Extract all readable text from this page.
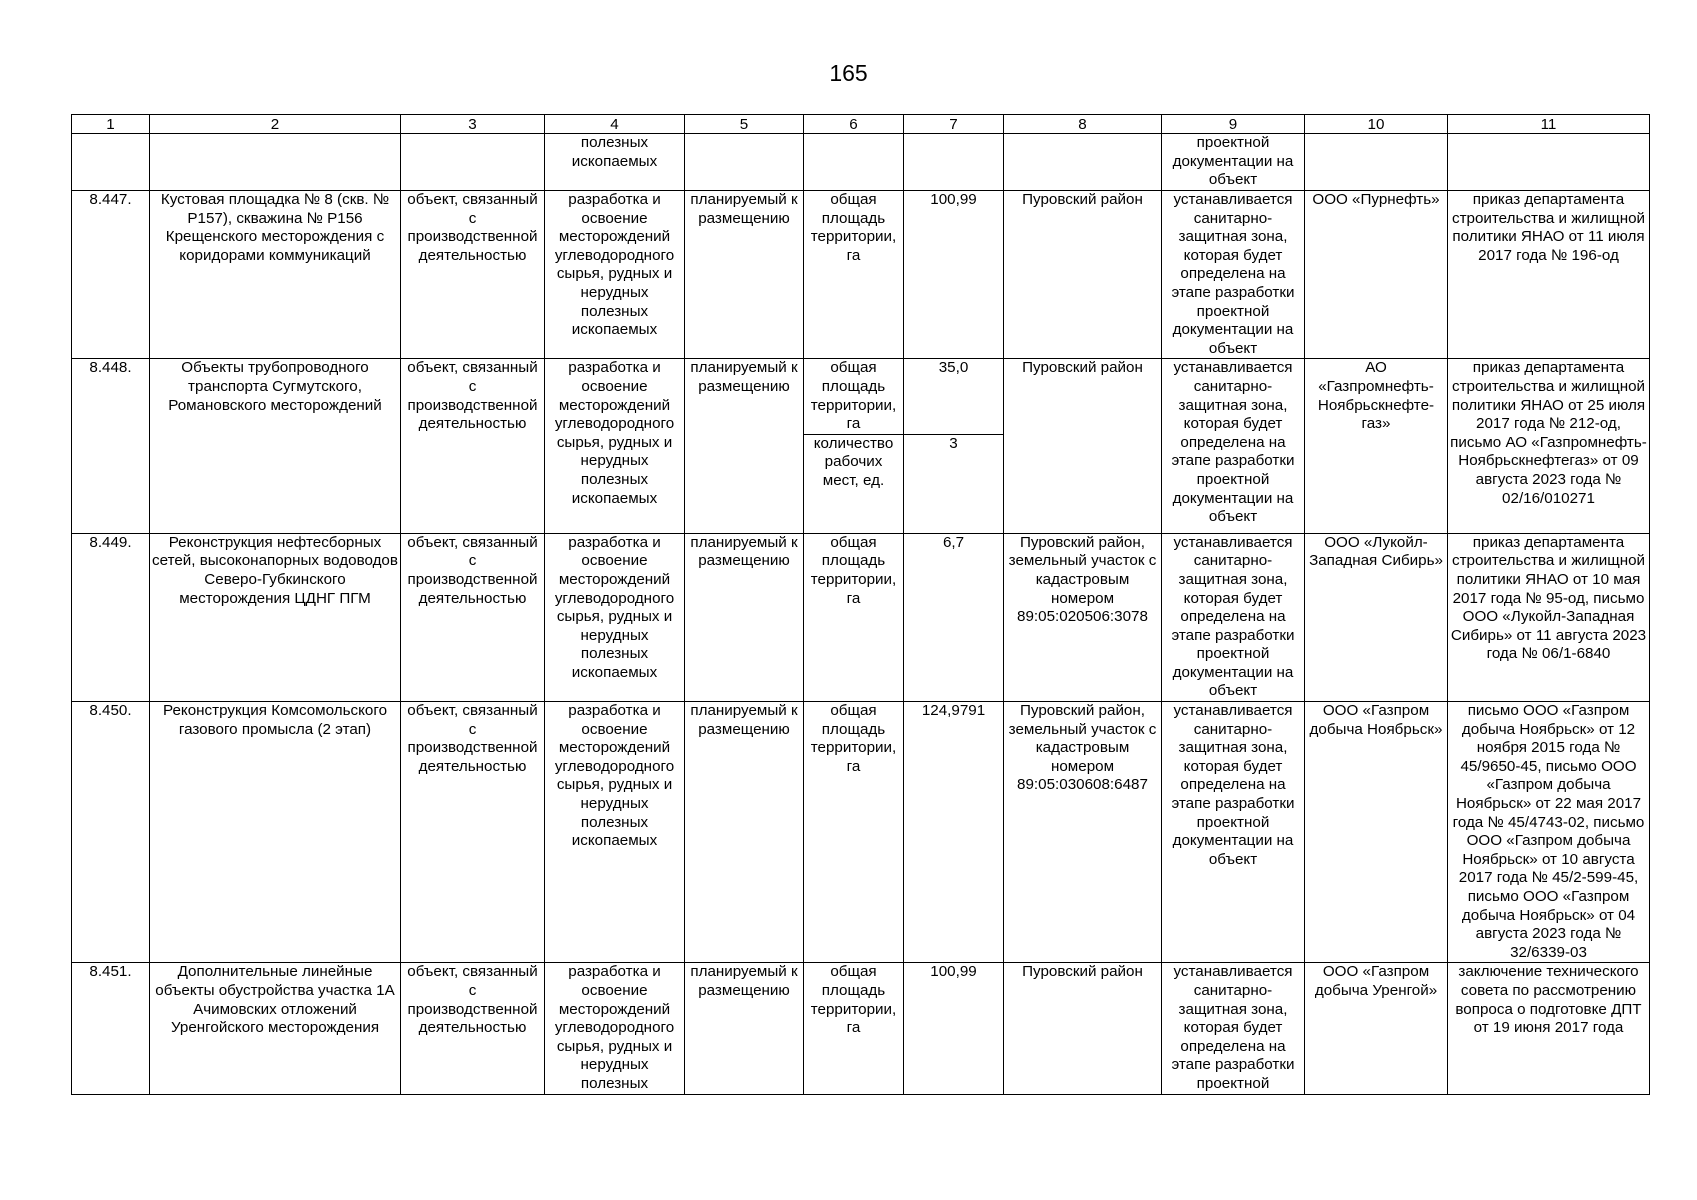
165
1	2	3	4	5	6	7	8	9	10	11
			полезных ископаемых					проектной документации на объект		
8.447.	Кустовая площадка № 8 (скв. № Р157), скважина № Р156 Крещенского месторождения с коридорами коммуникаций	объект, связанный с производственной деятельностью	разработка и освоение месторождений углеводородного сырья, рудных и нерудных полезных ископаемых	планируемый к размещению	общая площадь территории, га	100,99	Пуровский район	устанавливается санитарно-защитная зона, которая будет определена на этапе разработки проектной документации на объект	ООО «Пурнефть»	приказ департамента строительства и жилищной политики ЯНАО от 11 июля 2017 года № 196-од
8.448.	Объекты трубопроводного транспорта Сугмутского, Романовского месторождений	объект, связанный с производственной деятельностью	разработка и освоение месторождений углеводородного сырья, рудных и нерудных полезных ископаемых	планируемый к размещению	общая площадь территории, га	35,0	Пуровский район	устанавливается санитарно-защитная зона, которая будет определена на этапе разработки проектной документации на объект	АО «Газпромнефть-Ноябрьскнефте-газ»	приказ департамента строительства и жилищной политики ЯНАО от 25 июля 2017 года № 212-од, письмо АО «Газпромнефть-Ноябрьскнефтегаз» от 09 августа 2023 года № 02/16/010271
					количество рабочих мест, ед.	3				
8.449.	Реконструкция нефтесборных сетей, высоконапорных водоводов Северо-Губкинского месторождения ЦДНГ ПГМ	объект, связанный с производственной деятельностью	разработка и освоение месторождений углеводородного сырья, рудных и нерудных полезных ископаемых	планируемый к размещению	общая площадь территории, га	6,7	Пуровский район, земельный участок с кадастровым номером 89:05:020506:3078	устанавливается санитарно-защитная зона, которая будет определена на этапе разработки проектной документации на объект	ООО «Лукойл-Западная Сибирь»	приказ департамента строительства и жилищной политики ЯНАО от 10 мая 2017 года № 95-од, письмо ООО «Лукойл-Западная Сибирь» от 11 августа 2023 года № 06/1-6840
8.450.	Реконструкция Комсомольского газового промысла (2 этап)	объект, связанный с производственной деятельностью	разработка и освоение месторождений углеводородного сырья, рудных и нерудных полезных ископаемых	планируемый к размещению	общая площадь территории, га	124,9791	Пуровский район, земельный участок с кадастровым номером 89:05:030608:6487	устанавливается санитарно-защитная зона, которая будет определена на этапе разработки проектной документации на объект	ООО «Газпром добыча Ноябрьск»	письмо ООО «Газпром добыча Ноябрьск» от 12 ноября 2015 года № 45/9650-45, письмо ООО «Газпром добыча Ноябрьск» от 22 мая 2017 года № 45/4743-02, письмо ООО «Газпром добыча Ноябрьск» от 10 августа 2017 года № 45/2-599-45, письмо ООО «Газпром добыча Ноябрьск» от 04 августа 2023 года № 32/6339-03
8.451.	Дополнительные линейные объекты обустройства участка 1А Ачимовских отложений Уренгойского месторождения	объект, связанный с производственной деятельностью	разработка и освоение месторождений углеводородного сырья, рудных и нерудных полезных	планируемый к размещению	общая площадь территории, га	100,99	Пуровский район	устанавливается санитарно-защитная зона, которая будет определена на этапе разработки проектной	ООО «Газпром добыча Уренгой»	заключение технического совета по рассмотрению вопроса о подготовке ДПТ от 19 июня 2017 года
